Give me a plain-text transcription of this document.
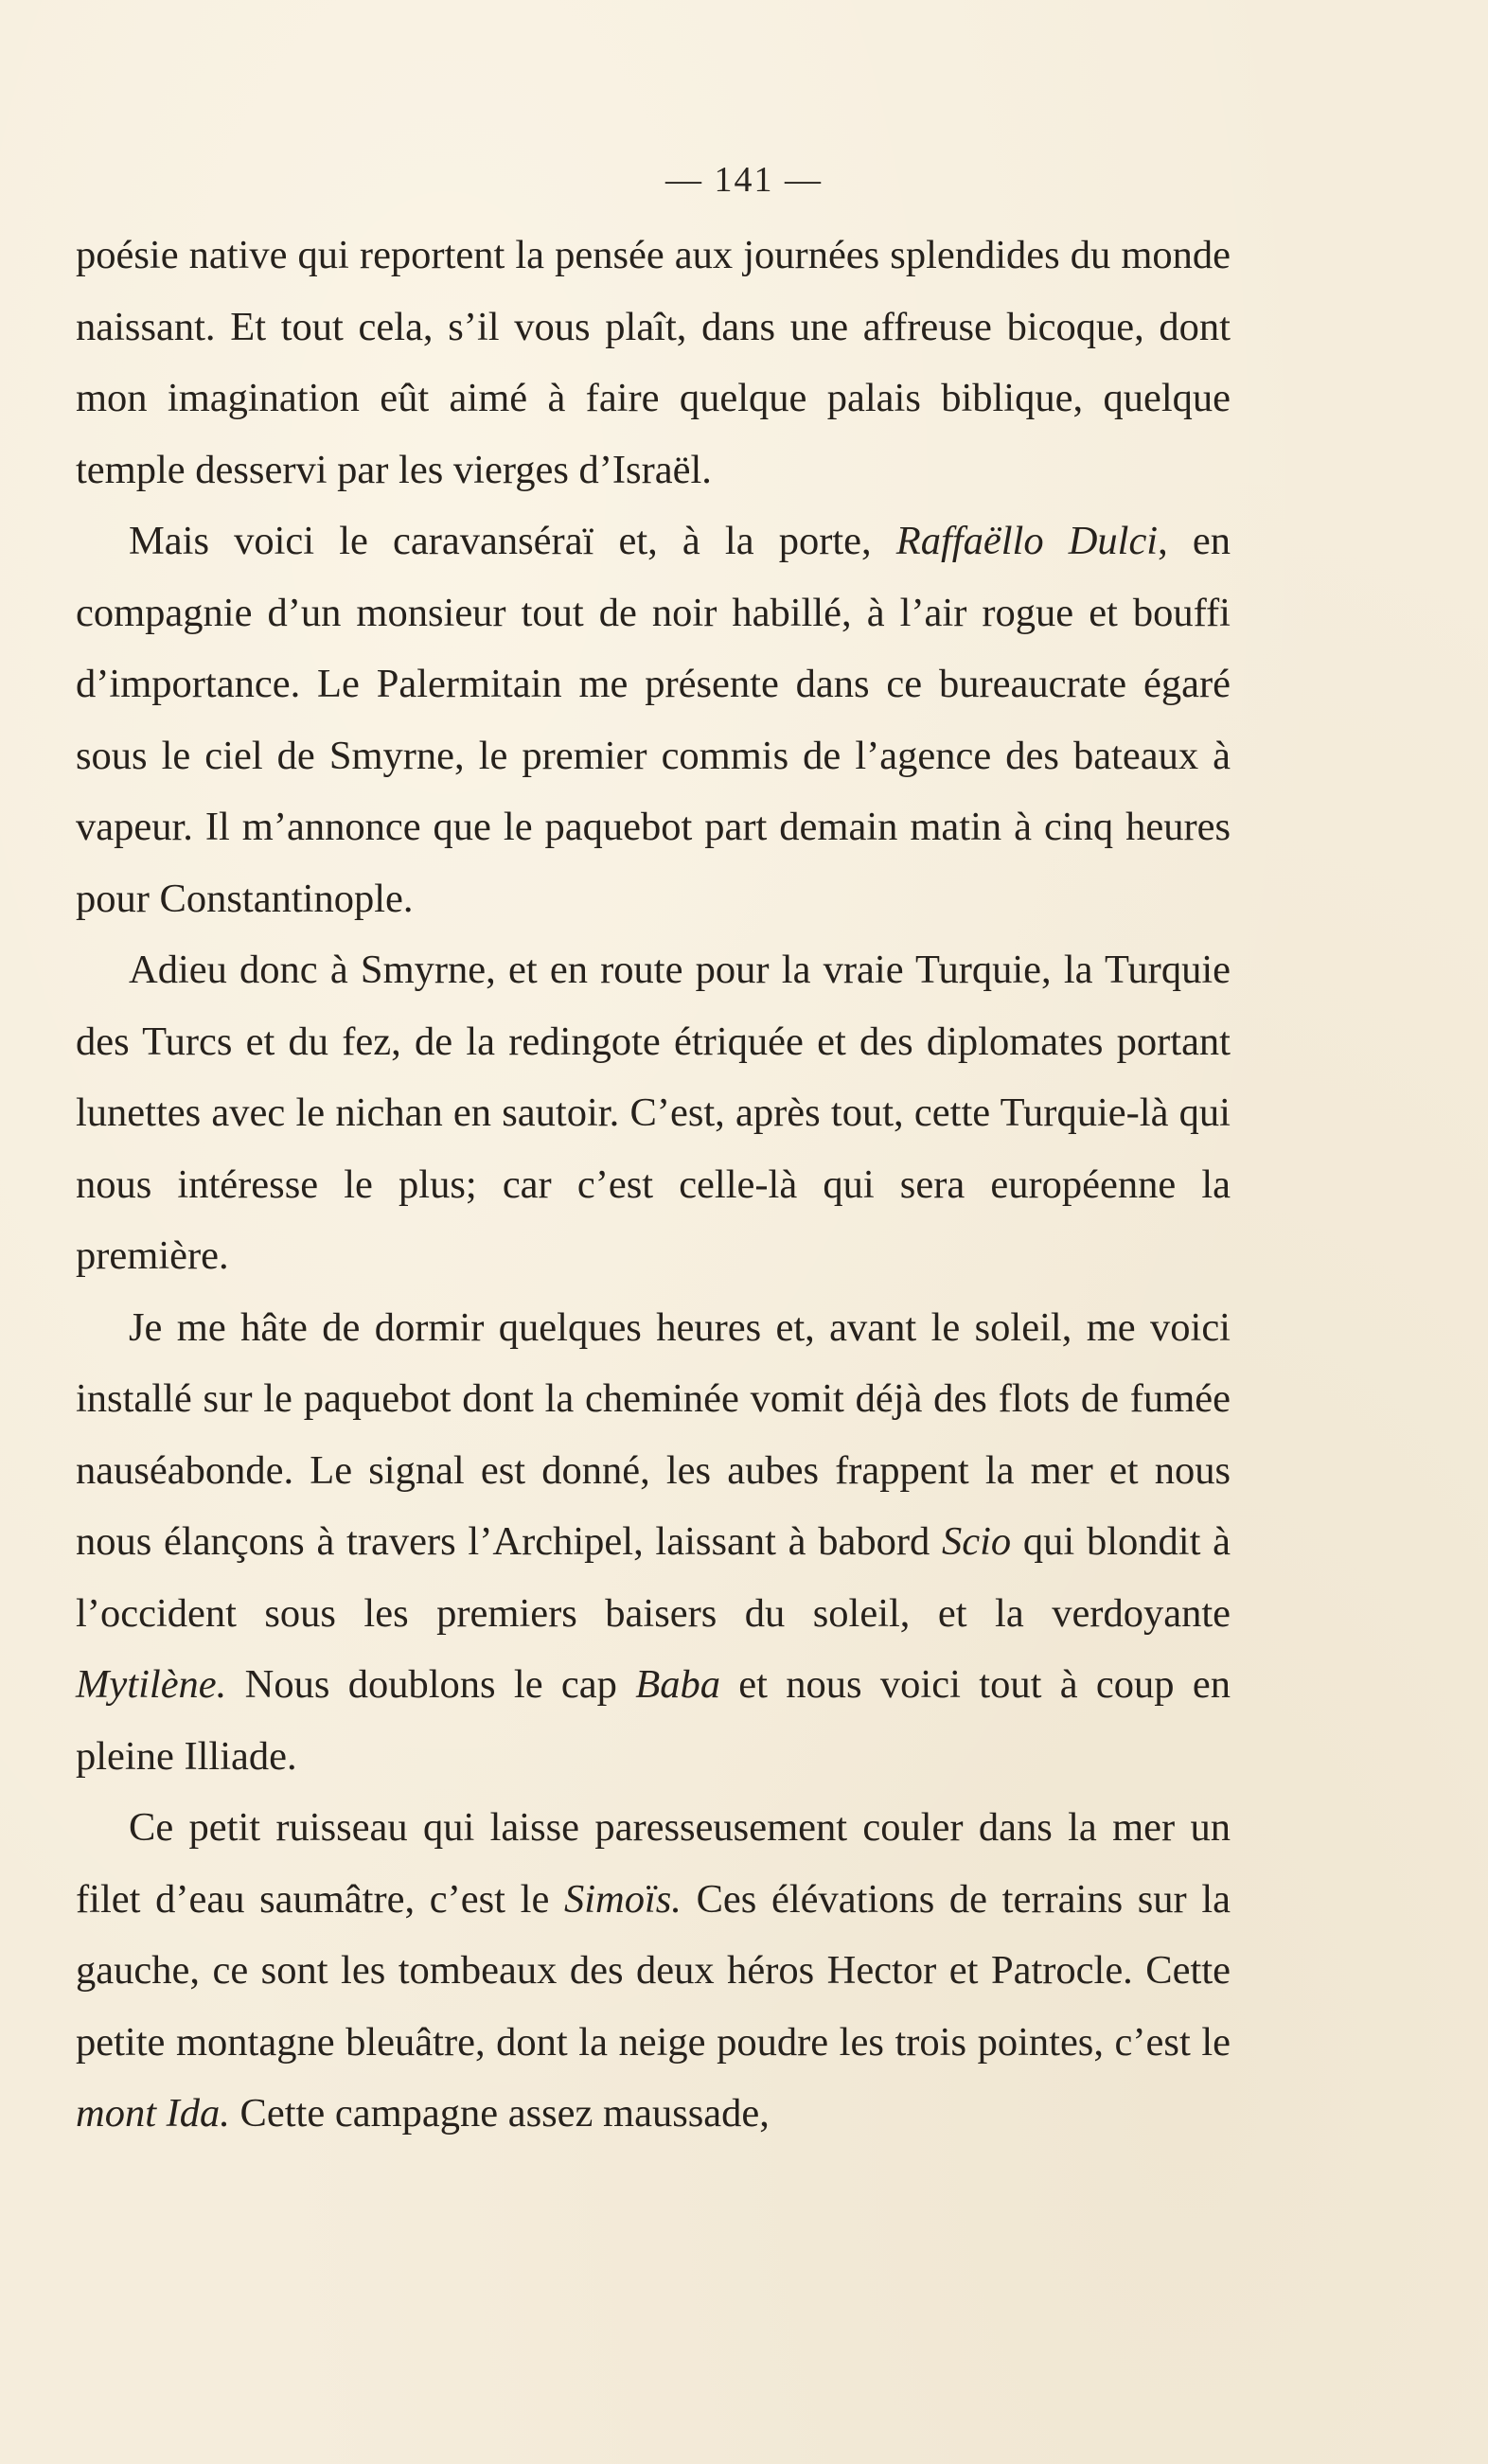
— 141 —

poésie native qui reportent la pensée aux journées splendides du monde naissant. Et tout cela, s’il vous plaît, dans une affreuse bicoque, dont mon imagination eût aimé à faire quelque palais biblique, quelque temple desservi par les vierges d’Israël.

Mais voici le caravanséraï et, à la porte, Raffaëllo Dulci, en compagnie d’un monsieur tout de noir habillé, à l’air rogue et bouffi d’importance. Le Palermitain me présente dans ce bureaucrate égaré sous le ciel de Smyrne, le premier commis de l’agence des bateaux à vapeur. Il m’annonce que le paquebot part demain matin à cinq heures pour Constantinople.

Adieu donc à Smyrne, et en route pour la vraie Turquie, la Turquie des Turcs et du fez, de la redingote étriquée et des diplomates portant lunettes avec le nichan en sautoir. C’est, après tout, cette Turquie-là qui nous intéresse le plus; car c’est celle-là qui sera européenne la première.

Je me hâte de dormir quelques heures et, avant le soleil, me voici installé sur le paquebot dont la cheminée vomit déjà des flots de fumée nauséabonde. Le signal est donné, les aubes frappent la mer et nous nous élançons à travers l’Archipel, laissant à babord Scio qui blondit à l’occident sous les premiers baisers du soleil, et la verdoyante Mytilène. Nous doublons le cap Baba et nous voici tout à coup en pleine Illiade.

Ce petit ruisseau qui laisse paresseusement couler dans la mer un filet d’eau saumâtre, c’est le Simoïs. Ces élévations de terrains sur la gauche, ce sont les tombeaux des deux héros Hector et Patrocle. Cette petite montagne bleuâtre, dont la neige poudre les trois pointes, c’est le mont Ida. Cette campagne assez maussade,
